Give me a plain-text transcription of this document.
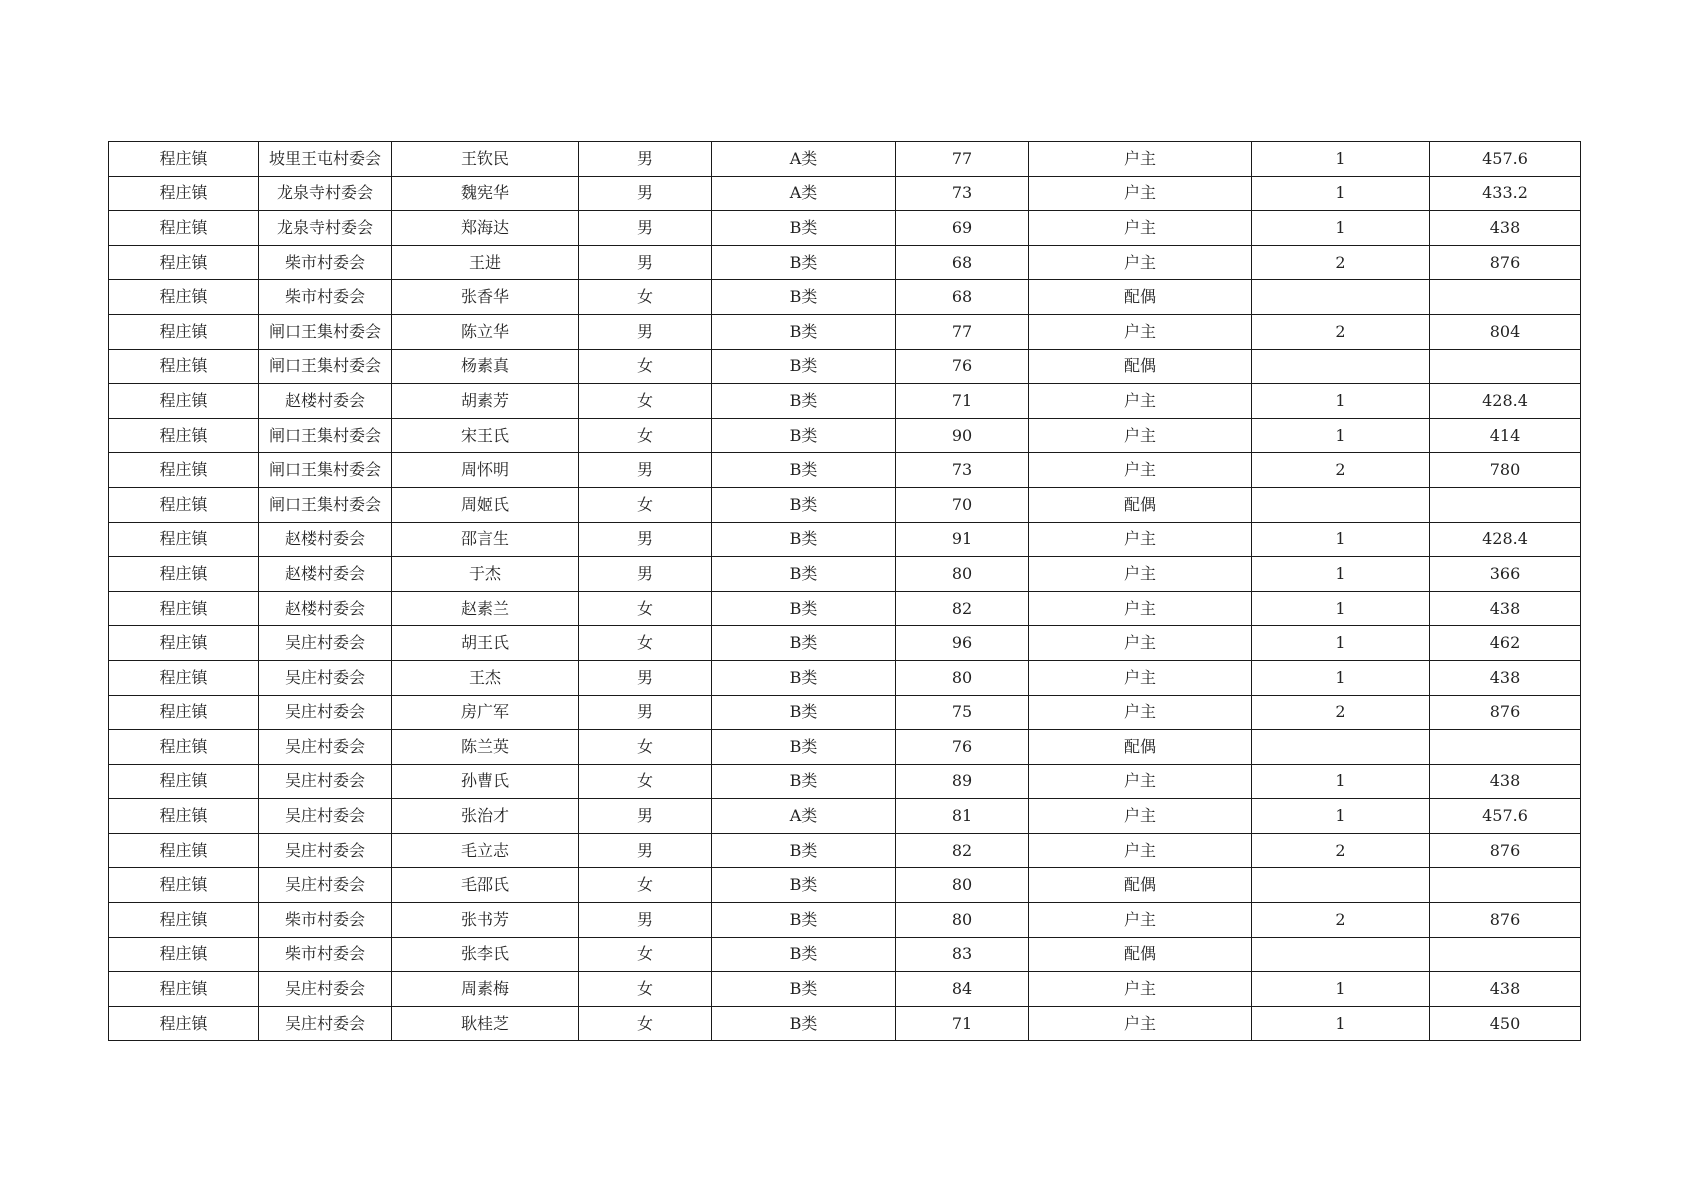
程庄镇	坡里王屯村委会	王钦民	男	A类	77	户主	1	457.6
程庄镇	龙泉寺村委会	魏宪华	男	A类	73	户主	1	433.2
程庄镇	龙泉寺村委会	郑海达	男	B类	69	户主	1	438
程庄镇	柴市村委会	王进	男	B类	68	户主	2	876
程庄镇	柴市村委会	张香华	女	B类	68	配偶		
程庄镇	闸口王集村委会	陈立华	男	B类	77	户主	2	804
程庄镇	闸口王集村委会	杨素真	女	B类	76	配偶		
程庄镇	赵楼村委会	胡素芳	女	B类	71	户主	1	428.4
程庄镇	闸口王集村委会	宋王氏	女	B类	90	户主	1	414
程庄镇	闸口王集村委会	周怀明	男	B类	73	户主	2	780
程庄镇	闸口王集村委会	周姬氏	女	B类	70	配偶		
程庄镇	赵楼村委会	邵言生	男	B类	91	户主	1	428.4
程庄镇	赵楼村委会	于杰	男	B类	80	户主	1	366
程庄镇	赵楼村委会	赵素兰	女	B类	82	户主	1	438
程庄镇	吴庄村委会	胡王氏	女	B类	96	户主	1	462
程庄镇	吴庄村委会	王杰	男	B类	80	户主	1	438
程庄镇	吴庄村委会	房广军	男	B类	75	户主	2	876
程庄镇	吴庄村委会	陈兰英	女	B类	76	配偶		
程庄镇	吴庄村委会	孙曹氏	女	B类	89	户主	1	438
程庄镇	吴庄村委会	张治才	男	A类	81	户主	1	457.6
程庄镇	吴庄村委会	毛立志	男	B类	82	户主	2	876
程庄镇	吴庄村委会	毛邵氏	女	B类	80	配偶		
程庄镇	柴市村委会	张书芳	男	B类	80	户主	2	876
程庄镇	柴市村委会	张李氏	女	B类	83	配偶		
程庄镇	吴庄村委会	周素梅	女	B类	84	户主	1	438
程庄镇	吴庄村委会	耿桂芝	女	B类	71	户主	1	450
